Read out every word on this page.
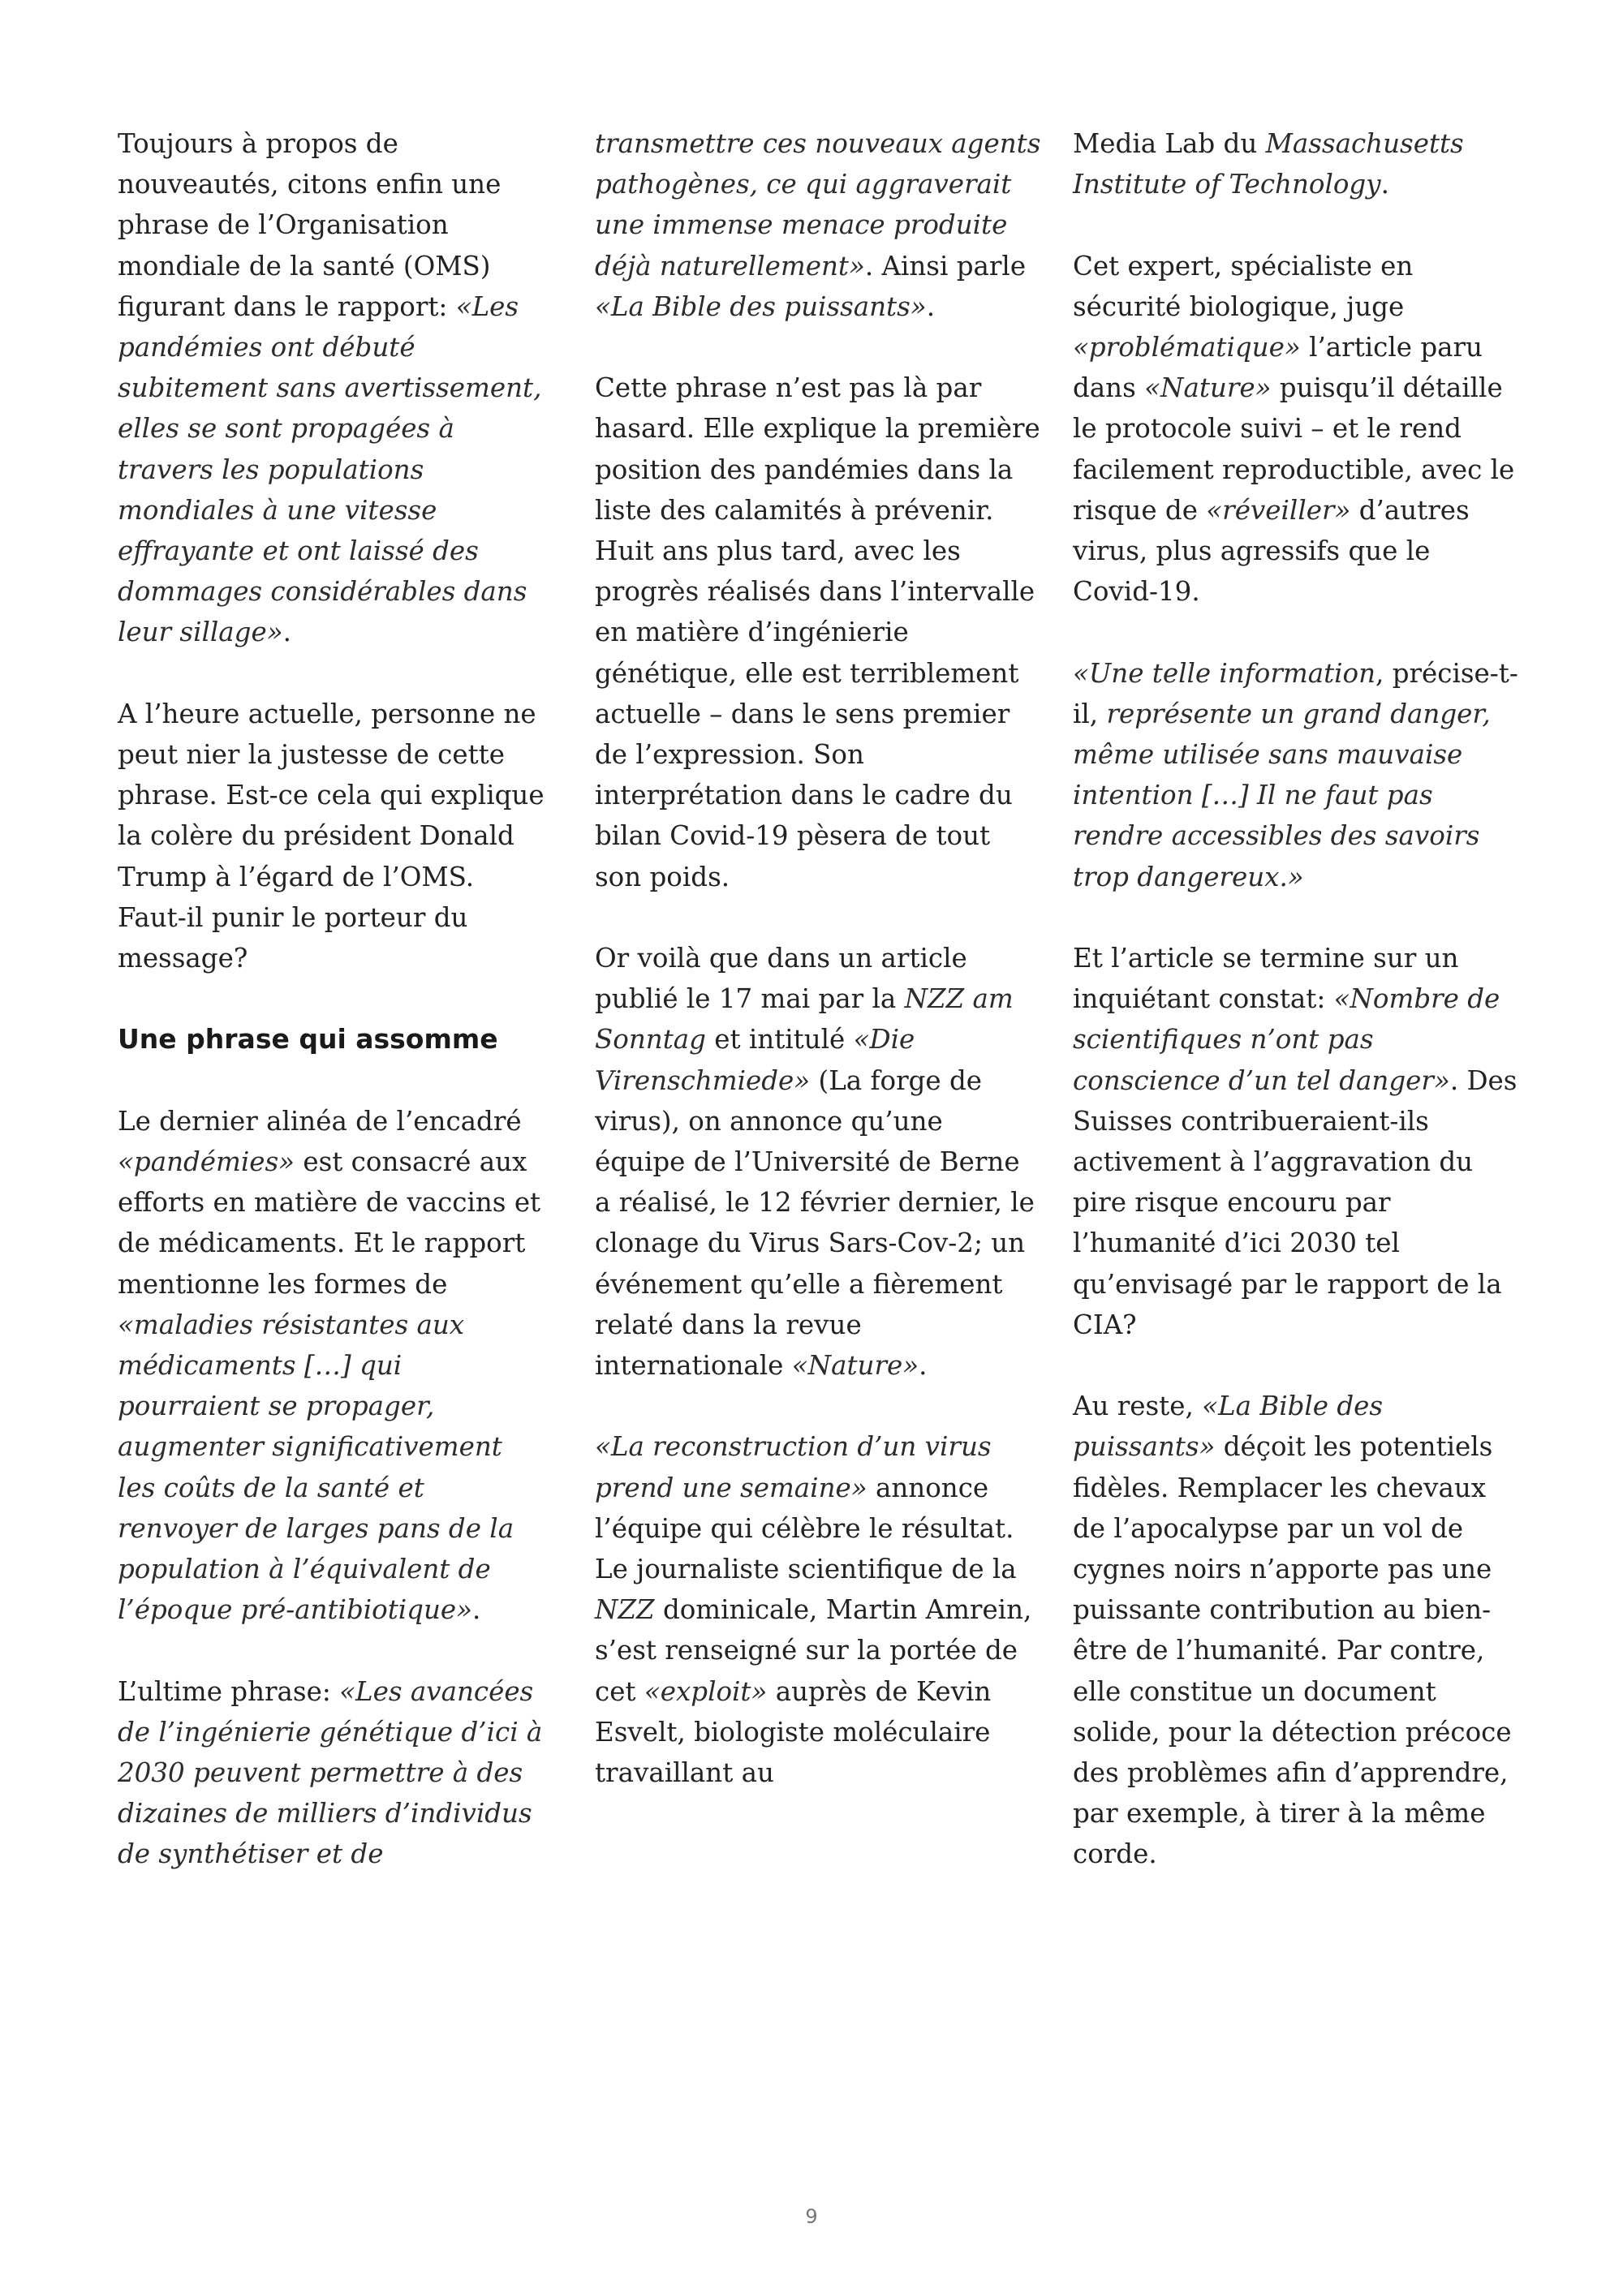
Toujours à propos de nouveautés, citons enfin une phrase de l’Organisation mondiale de la santé (OMS) figurant dans le rapport: «Les pandémies ont débuté subitement sans avertissement, elles se sont propagées à travers les populations mondiales à une vitesse effrayante et ont laissé des dommages considérables dans leur sillage».

A l’heure actuelle, personne ne peut nier la justesse de cette phrase. Est-ce cela qui explique la colère du président Donald Trump à l’égard de l’OMS. Faut-il punir le porteur du message?

Une phrase qui assomme

Le dernier alinéa de l’encadré «pandémies» est consacré aux efforts en matière de vaccins et de médicaments. Et le rapport mentionne les formes de «maladies résistantes aux médicaments […] qui pourraient se propager, augmenter significativement les coûts de la santé et renvoyer de larges pans de la population à l’équivalent de l’époque pré-antibiotique».

L’ultime phrase: «Les avancées de l’ingénierie génétique d’ici à 2030 peuvent permettre à des dizaines de milliers d’individus de synthétiser et de

transmettre ces nouveaux agents pathogènes, ce qui aggraverait une immense menace produite déjà naturellement». Ainsi parle «La Bible des puissants».

Cette phrase n’est pas là par hasard. Elle explique la première position des pandémies dans la liste des calamités à prévenir. Huit ans plus tard, avec les progrès réalisés dans l’intervalle en matière d’ingénierie génétique, elle est terriblement actuelle – dans le sens premier de l’expression. Son interprétation dans le cadre du bilan Covid-19 pèsera de tout son poids.

Or voilà que dans un article publié le 17 mai par la NZZ am Sonntag et intitulé «Die Virenschmiede» (La forge de virus), on annonce qu’une équipe de l’Université de Berne a réalisé, le 12 février dernier, le clonage du Virus Sars-Cov-2; un événement qu’elle a fièrement relaté dans la revue internationale «Nature».

«La reconstruction d’un virus prend une semaine» annonce l’équipe qui célèbre le résultat. Le journaliste scientifique de la NZZ dominicale, Martin Amrein, s’est renseigné sur la portée de cet «exploit» auprès de Kevin Esvelt, biologiste moléculaire travaillant au

Media Lab du Massachusetts Institute of Technology.

Cet expert, spécialiste en sécurité biologique, juge «problématique» l’article paru dans «Nature» puisqu’il détaille le protocole suivi – et le rend facilement reproductible, avec le risque de «réveiller» d’autres virus, plus agressifs que le Covid-19.

«Une telle information, précise-t-il, représente un grand danger, même utilisée sans mauvaise intention […] Il ne faut pas rendre accessibles des savoirs trop dangereux.»

Et l’article se termine sur un inquiétant constat: «Nombre de scientifiques n’ont pas conscience d’un tel danger». Des Suisses contribueraient-ils activement à l’aggravation du pire risque encouru par l’humanité d’ici 2030 tel qu’envisagé par le rapport de la CIA?

Au reste, «La Bible des puissants» déçoit les potentiels fidèles. Remplacer les chevaux de l’apocalypse par un vol de cygnes noirs n’apporte pas une puissante contribution au bien-être de l’humanité. Par contre, elle constitue un document solide, pour la détection précoce des problèmes afin d’apprendre, par exemple, à tirer à la même corde.

9
